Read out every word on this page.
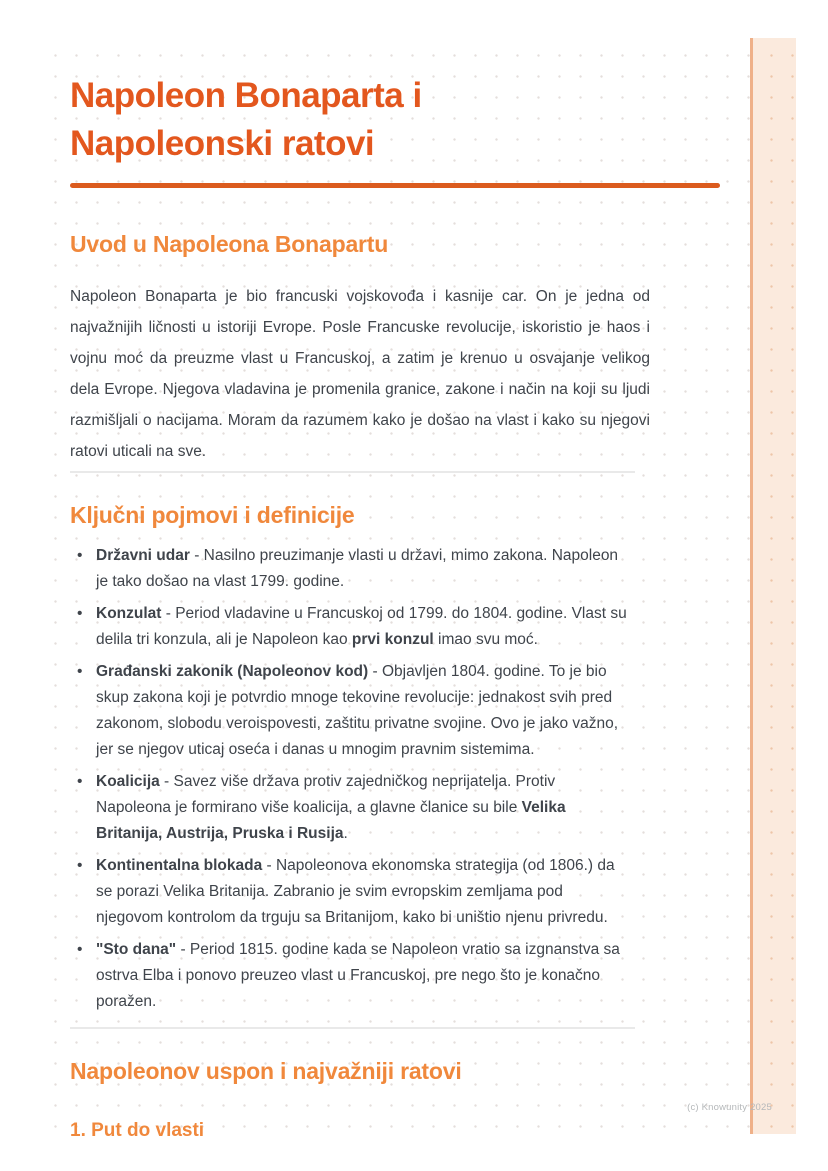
Napoleon Bonaparta i
Napoleonski ratovi
Uvod u Napoleona Bonapartu

Napoleon Bonaparta je bio francuski vojskovođa i kasnije car. On je jedna od najvažnijih ličnosti u istoriji Evrope. Posle Francuske revolucije, iskoristio je haos i vojnu moć da preuzme vlast u Francuskoj, a zatim je krenuo u osvajanje velikog dela Evrope. Njegova vladavina je promenila granice, zakone i način na koji su ljudi razmišljali o nacijama. Moram da razumem kako je došao na vlast i kako su njegovi ratovi uticali na sve.

Ključni pojmovi i definicije
• Državni udar - Nasilno preuzimanje vlasti u državi, mimo zakona. Napoleon je tako došao na vlast 1799. godine.
• Konzulat - Period vladavine u Francuskoj od 1799. do 1804. godine. Vlast su delila tri konzula, ali je Napoleon kao prvi konzul imao svu moć.
• Građanski zakonik (Napoleonov kod) - Objavljen 1804. godine. To je bio skup zakona koji je potvrdio mnoge tekovine revolucije: jednakost svih pred zakonom, slobodu veroispovesti, zaštitu privatne svojine. Ovo je jako važno, jer se njegov uticaj oseća i danas u mnogim pravnim sistemima.
• Koalicija - Savez više država protiv zajedničkog neprijatelja. Protiv Napoleona je formirano više koalicija, a glavne članice su bile Velika Britanija, Austrija, Pruska i Rusija.
• Kontinentalna blokada - Napoleonova ekonomska strategija (od 1806.) da se porazi Velika Britanija. Zabranio je svim evropskim zemljama pod njegovom kontrolom da trguju sa Britanijom, kako bi uništio njenu privredu.
• "Sto dana" - Period 1815. godine kada se Napoleon vratio sa izgnanstva sa ostrva Elba i ponovo preuzeo vlast u Francuskoj, pre nego što je konačno poražen.
Napoleonov uspon i najvažniji ratovi
1. Put do vlasti
(c) Knowunity 2025
